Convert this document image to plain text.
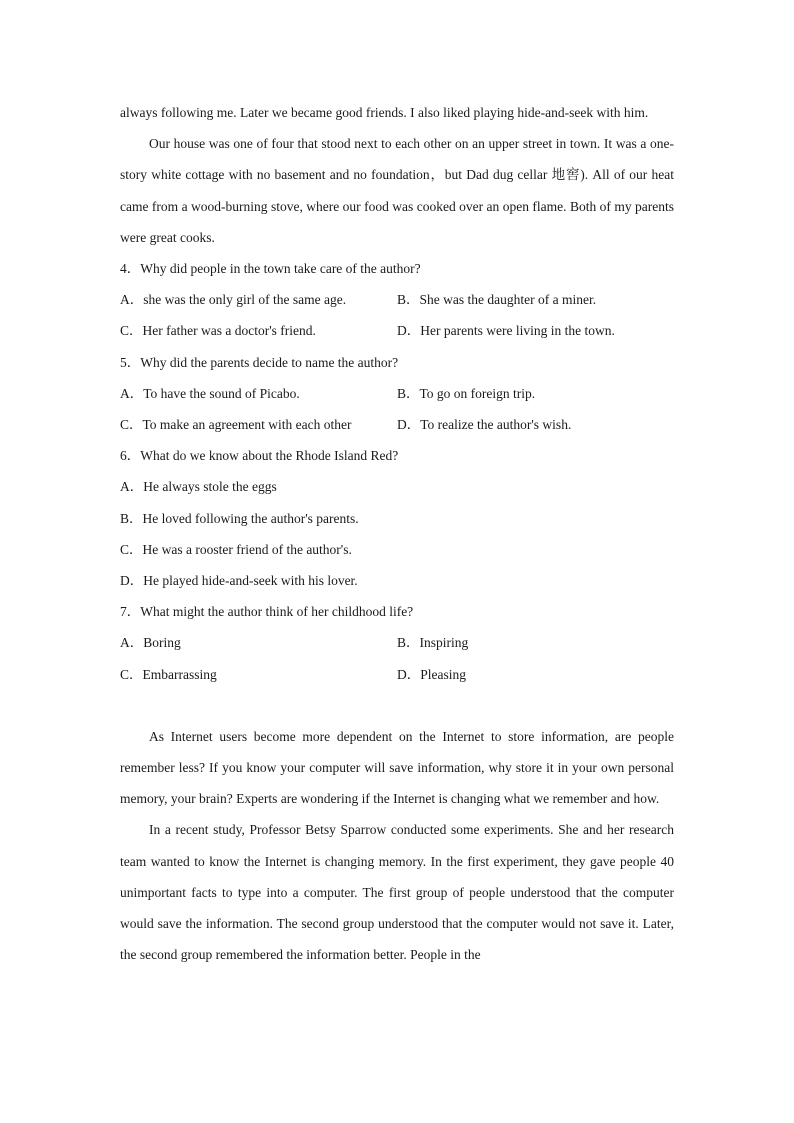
always following me. Later we became good friends. I also liked playing hide-and-seek with him.

Our house was one of four that stood next to each other on an upper street in town. It was a one- story white cottage with no basement and no foundation，but Dad dug cellar 地窖). All of our heat came from a wood-burning stove, where our food was cooked over an open flame. Both of my parents were great cooks.

4．Why did people in the town take care of the author?

A．she was the only girl of the same age.	B．She was the daughter of a miner.
C．Her father was a doctor's friend.	D．Her parents were living in the town.

5．Why did the parents decide to name the author?

A．To have the sound of Picabo.	B．To go on foreign trip.
C．To make an agreement with each other	D．To realize the author's wish.

6．What do we know about the Rhode Island Red?

A．He always stole the eggs

B．He loved following the author's parents.

C．He was a rooster friend of the author's.

D．He played hide-and-seek with his lover.

7．What might the author think of her childhood life?

A．Boring	B．Inspiring
C．Embarrassing	D．Pleasing

As Internet users become more dependent on the Internet to store information, are people remember less? If you know your computer will save information, why store it in your own personal memory, your brain? Experts are wondering if the Internet is changing what we remember and how.

In a recent study, Professor Betsy Sparrow conducted some experiments. She and her research team wanted to know the Internet is changing memory. In the first experiment, they gave people 40 unimportant facts to type into a computer. The first group of people understood that the computer would save the information. The second group understood that the computer would not save it. Later, the second group remembered the information better. People in the
